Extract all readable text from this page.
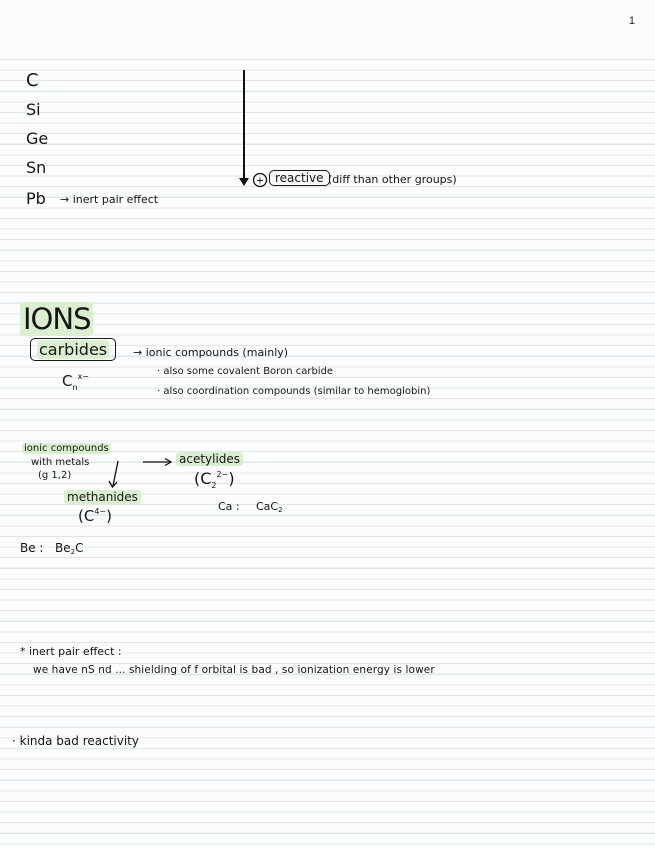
1
C
Si
Ge
Sn
Pb → inert pair effect
+ reactive (diff than other groups)
IONS
carbides	→ ionic compounds (mainly)
$C_n^{x-}$	· also some covalent Boron carbide
· also coordination compounds (similar to hemoglobin)
ionic compounds
with metals
(g 1,2)
acetylides
$(C_2^{2-})$
methanides
$(C^{4-})$
Ca : CaC$_2$
Be : $Be_2C$
* inert pair effect :
we have nS nd ... shielding of f orbital is bad , so ionization energy is lower
· kinda bad reactivity
